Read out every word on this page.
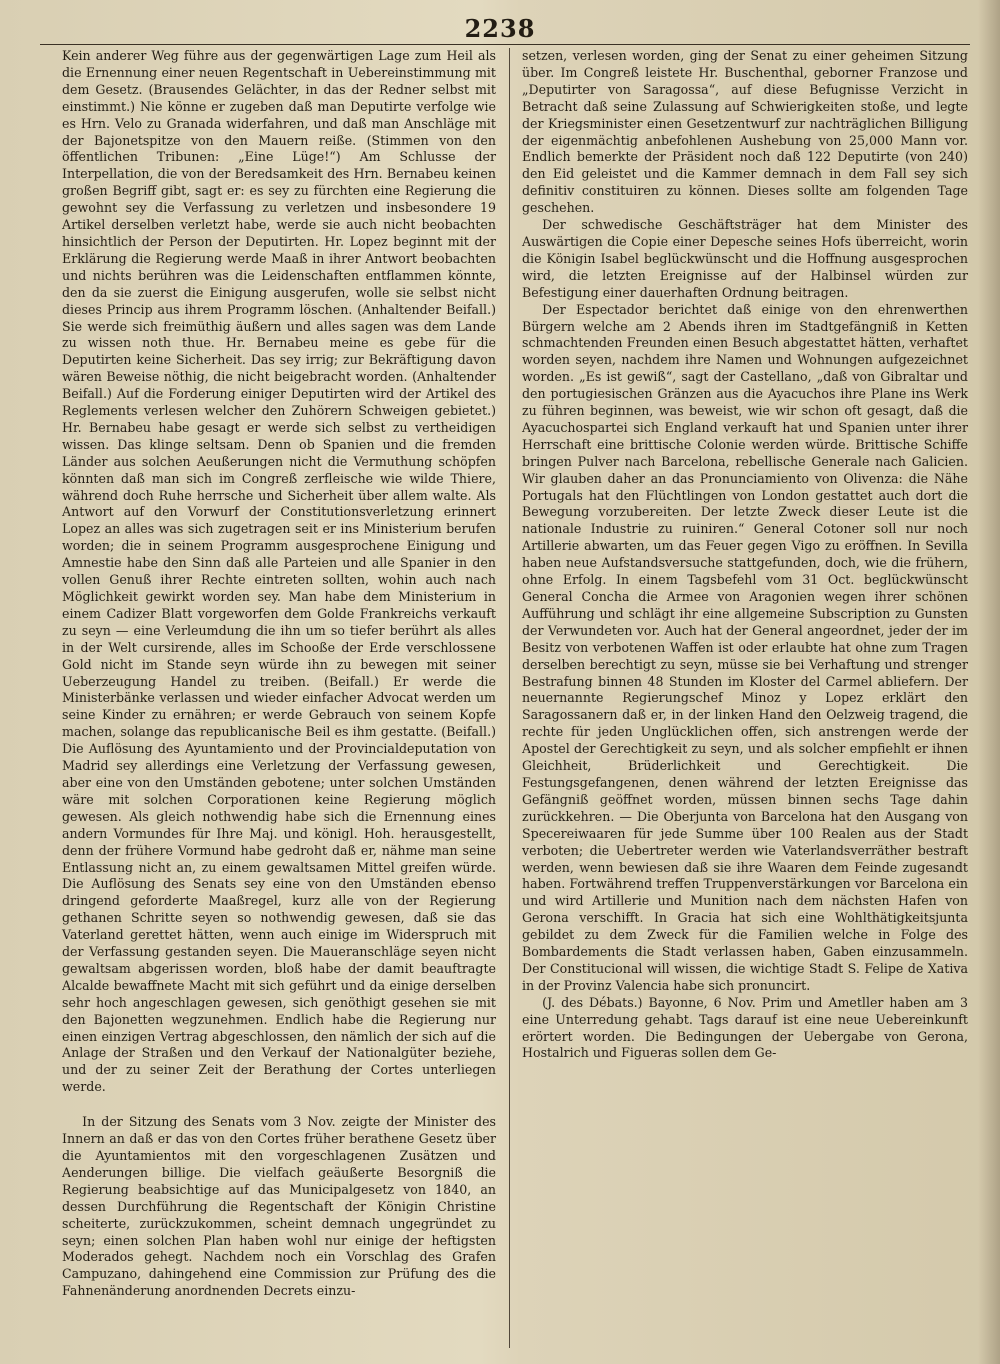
2238

Kein anderer Weg führe aus der gegenwärtigen Lage zum Heil als die Ernennung einer neuen Regentschaft in Uebereinstimmung mit dem Gesetz. (Brausendes Gelächter, in das der Redner selbst mit einstimmt.) Nie könne er zugeben daß man Deputirte verfolge wie es Hrn. Velo zu Granada widerfahren, und daß man Anschläge mit der Bajonetspitze von den Mauern reiße. (Stimmen von den öffentlichen Tribunen: „Eine Lüge!“) Am Schlusse der Interpellation, die von der Beredsamkeit des Hrn. Bernabeu keinen großen Begriff gibt, sagt er: es sey zu fürchten eine Regierung die gewohnt sey die Verfassung zu verletzen und insbesondere 19 Artikel derselben verletzt habe, werde sie auch nicht beobachten hinsichtlich der Person der Deputirten. Hr. Lopez beginnt mit der Erklärung die Regierung werde Maaß in ihrer Antwort beobachten und nichts berühren was die Leidenschaften entflammen könnte, den da sie zuerst die Einigung ausgerufen, wolle sie selbst nicht dieses Princip aus ihrem Programm löschen. (Anhaltender Beifall.) Sie werde sich freimüthig äußern und alles sagen was dem Lande zu wissen noth thue. Hr. Bernabeu meine es gebe für die Deputirten keine Sicherheit. Das sey irrig; zur Bekräftigung davon wären Beweise nöthig, die nicht beigebracht worden. (Anhaltender Beifall.) Auf die Forderung einiger Deputirten wird der Artikel des Reglements verlesen welcher den Zuhörern Schweigen gebietet.) Hr. Bernabeu habe gesagt er werde sich selbst zu vertheidigen wissen. Das klinge seltsam. Denn ob Spanien und die fremden Länder aus solchen Aeußerungen nicht die Vermuthung schöpfen könnten daß man sich im Congreß zerfleische wie wilde Thiere, während doch Ruhe herrsche und Sicherheit über allem walte. Als Antwort auf den Vorwurf der Constitutionsverletzung erinnert Lopez an alles was sich zugetragen seit er ins Ministerium berufen worden; die in seinem Programm ausgesprochene Einigung und Amnestie habe den Sinn daß alle Parteien und alle Spanier in den vollen Genuß ihrer Rechte eintreten sollten, wohin auch nach Möglichkeit gewirkt worden sey. Man habe dem Ministerium in einem Cadizer Blatt vorgeworfen dem Golde Frankreichs verkauft zu seyn — eine Verleumdung die ihn um so tiefer berührt als alles in der Welt cursirende, alles im Schooße der Erde verschlossene Gold nicht im Stande seyn würde ihn zu bewegen mit seiner Ueberzeugung Handel zu treiben. (Beifall.) Er werde die Ministerbänke verlassen und wieder einfacher Advocat werden um seine Kinder zu ernähren; er werde Gebrauch von seinem Kopfe machen, solange das republicanische Beil es ihm gestatte. (Beifall.) Die Auflösung des Ayuntamiento und der Provincialdeputation von Madrid sey allerdings eine Verletzung der Verfassung gewesen, aber eine von den Umständen gebotene; unter solchen Umständen wäre mit solchen Corporationen keine Regierung möglich gewesen. Als gleich nothwendig habe sich die Ernennung eines andern Vormundes für Ihre Maj. und königl. Hoh. herausgestellt, denn der frühere Vormund habe gedroht daß er, nähme man seine Entlassung nicht an, zu einem gewaltsamen Mittel greifen würde. Die Auflösung des Senats sey eine von den Umständen ebenso dringend geforderte Maaßregel, kurz alle von der Regierung gethanen Schritte seyen so nothwendig gewesen, daß sie das Vaterland gerettet hätten, wenn auch einige im Widerspruch mit der Verfassung gestanden seyen. Die Maueranschläge seyen nicht gewaltsam abgerissen worden, bloß habe der damit beauftragte Alcalde bewaffnete Macht mit sich geführt und da einige derselben sehr hoch angeschlagen gewesen, sich genöthigt gesehen sie mit den Bajonetten wegzunehmen. Endlich habe die Regierung nur einen einzigen Vertrag abgeschlossen, den nämlich der sich auf die Anlage der Straßen und den Verkauf der Nationalgüter beziehe, und der zu seiner Zeit der Berathung der Cortes unterliegen werde.

In der Sitzung des Senats vom 3 Nov. zeigte der Minister des Innern an daß er das von den Cortes früher berathene Gesetz über die Ayuntamientos mit den vorgeschlagenen Zusätzen und Aenderungen billige. Die vielfach geäußerte Besorgniß die Regierung beabsichtige auf das Municipalgesetz von 1840, an dessen Durchführung die Regentschaft der Königin Christine scheiterte, zurückzukommen, scheint demnach ungegründet zu seyn; einen solchen Plan haben wohl nur einige der heftigsten Moderados gehegt. Nachdem noch ein Vorschlag des Grafen Campuzano, dahingehend eine Commission zur Prüfung des die Fahnenänderung anordnenden Decrets einzu-

setzen, verlesen worden, ging der Senat zu einer geheimen Sitzung über. Im Congreß leistete Hr. Buschenthal, geborner Franzose und „Deputirter von Saragossa“, auf diese Befugnisse Verzicht in Betracht daß seine Zulassung auf Schwierigkeiten stoße, und legte der Kriegsminister einen Gesetzentwurf zur nachträglichen Billigung der eigenmächtig anbefohlenen Aushebung von 25,000 Mann vor. Endlich bemerkte der Präsident noch daß 122 Deputirte (von 240) den Eid geleistet und die Kammer demnach in dem Fall sey sich definitiv constituiren zu können. Dieses sollte am folgenden Tage geschehen.

Der schwedische Geschäftsträger hat dem Minister des Auswärtigen die Copie einer Depesche seines Hofs überreicht, worin die Königin Isabel beglückwünscht und die Hoffnung ausgesprochen wird, die letzten Ereignisse auf der Halbinsel würden zur Befestigung einer dauerhaften Ordnung beitragen.

Der Espectador berichtet daß einige von den ehrenwerthen Bürgern welche am 2 Abends ihren im Stadtgefängniß in Ketten schmachtenden Freunden einen Besuch abgestattet hätten, verhaftet worden seyen, nachdem ihre Namen und Wohnungen aufgezeichnet worden. „Es ist gewiß“, sagt der Castellano, „daß von Gibraltar und den portugiesischen Gränzen aus die Ayacuchos ihre Plane ins Werk zu führen beginnen, was beweist, wie wir schon oft gesagt, daß die Ayacuchospartei sich England verkauft hat und Spanien unter ihrer Herrschaft eine brittische Colonie werden würde. Brittische Schiffe bringen Pulver nach Barcelona, rebellische Generale nach Galicien. Wir glauben daher an das Pronunciamiento von Olivenza: die Nähe Portugals hat den Flüchtlingen von London gestattet auch dort die Bewegung vorzubereiten. Der letzte Zweck dieser Leute ist die nationale Industrie zu ruiniren.“ General Cotoner soll nur noch Artillerie abwarten, um das Feuer gegen Vigo zu eröffnen. In Sevilla haben neue Aufstandsversuche stattgefunden, doch, wie die frühern, ohne Erfolg. In einem Tagsbefehl vom 31 Oct. beglückwünscht General Concha die Armee von Aragonien wegen ihrer schönen Aufführung und schlägt ihr eine allgemeine Subscription zu Gunsten der Verwundeten vor. Auch hat der General angeordnet, jeder der im Besitz von verbotenen Waffen ist oder erlaubte hat ohne zum Tragen derselben berechtigt zu seyn, müsse sie bei Verhaftung und strenger Bestrafung binnen 48 Stunden im Kloster del Carmel abliefern. Der neuernannte Regierungschef Minoz y Lopez erklärt den Saragossanern daß er, in der linken Hand den Oelzweig tragend, die rechte für jeden Unglücklichen offen, sich anstrengen werde der Apostel der Gerechtigkeit zu seyn, und als solcher empfiehlt er ihnen Gleichheit, Brüderlichkeit und Gerechtigkeit. Die Festungsgefangenen, denen während der letzten Ereignisse das Gefängniß geöffnet worden, müssen binnen sechs Tage dahin zurückkehren. — Die Oberjunta von Barcelona hat den Ausgang von Specereiwaaren für jede Summe über 100 Realen aus der Stadt verboten; die Uebertreter werden wie Vaterlandsverräther bestraft werden, wenn bewiesen daß sie ihre Waaren dem Feinde zugesandt haben. Fortwährend treffen Truppenverstärkungen vor Barcelona ein und wird Artillerie und Munition nach dem nächsten Hafen von Gerona verschifft. In Gracia hat sich eine Wohlthätigkeitsjunta gebildet zu dem Zweck für die Familien welche in Folge des Bombardements die Stadt verlassen haben, Gaben einzusammeln. Der Constitucional will wissen, die wichtige Stadt S. Felipe de Xativa in der Provinz Valencia habe sich pronuncirt.

(J. des Débats.) Bayonne, 6 Nov. Prim und Ametller haben am 3 eine Unterredung gehabt. Tags darauf ist eine neue Uebereinkunft erörtert worden. Die Bedingungen der Uebergabe von Gerona, Hostalrich und Figueras sollen dem Ge-
